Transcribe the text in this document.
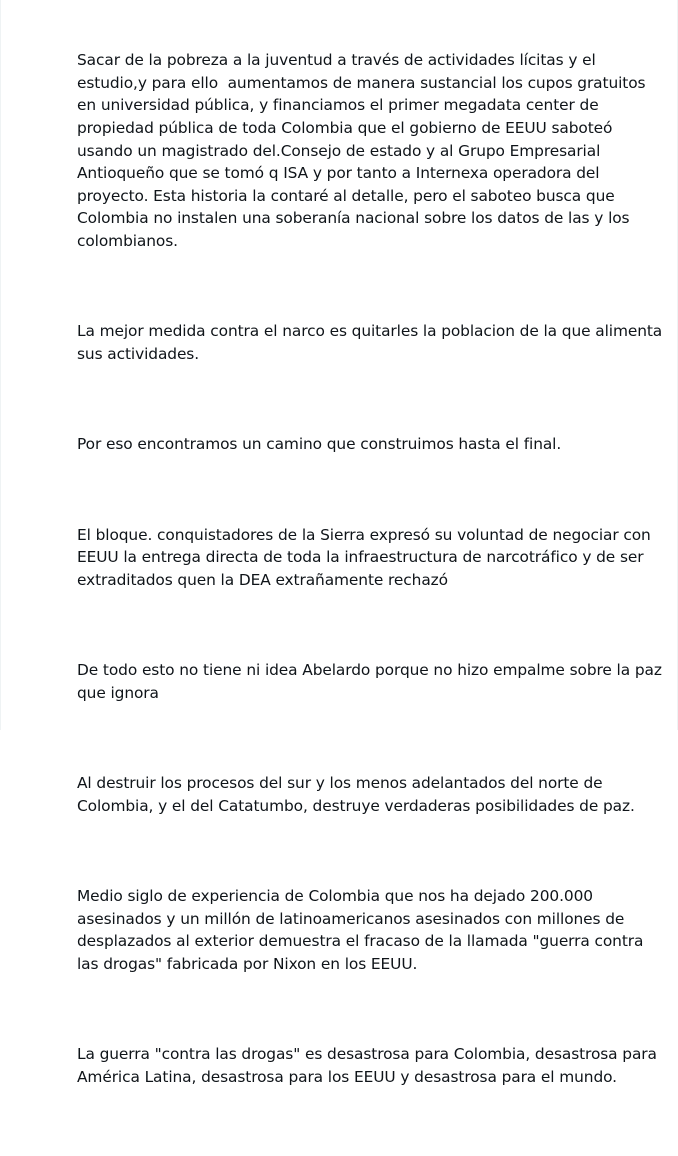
Sacar de la pobreza a la juventud a través de actividades lícitas y el estudio,y para ello  aumentamos de manera sustancial los cupos gratuitos en universidad pública, y financiamos el primer megadata center de propiedad pública de toda Colombia que el gobierno de EEUU saboteó usando un magistrado del.Consejo de estado y al Grupo Empresarial Antioqueño que se tomó q ISA y por tanto a Internexa operadora del proyecto. Esta historia la contaré al detalle, pero el saboteo busca que Colombia no instalen una soberanía nacional sobre los datos de las y los colombianos.

La mejor medida contra el narco es quitarles la poblacion de la que alimenta sus actividades.

Por eso encontramos un camino que construimos hasta el final.

El bloque. conquistadores de la Sierra expresó su voluntad de negociar con EEUU la entrega directa de toda la infraestructura de narcotráfico y de ser extraditados quen la DEA extrañamente rechazó

De todo esto no tiene ni idea Abelardo porque no hizo empalme sobre la paz que ignora

Al destruir los procesos del sur y los menos adelantados del norte de Colombia, y el del Catatumbo, destruye verdaderas posibilidades de paz.

Medio siglo de experiencia de Colombia que nos ha dejado 200.000 asesinados y un millón de latinoamericanos asesinados con millones de desplazados al exterior demuestra el fracaso de la llamada "guerra contra las drogas" fabricada por Nixon en los EEUU.

La guerra "contra las drogas" es desastrosa para Colombia, desastrosa para América Latina, desastrosa para los EEUU y desastrosa para el mundo.
